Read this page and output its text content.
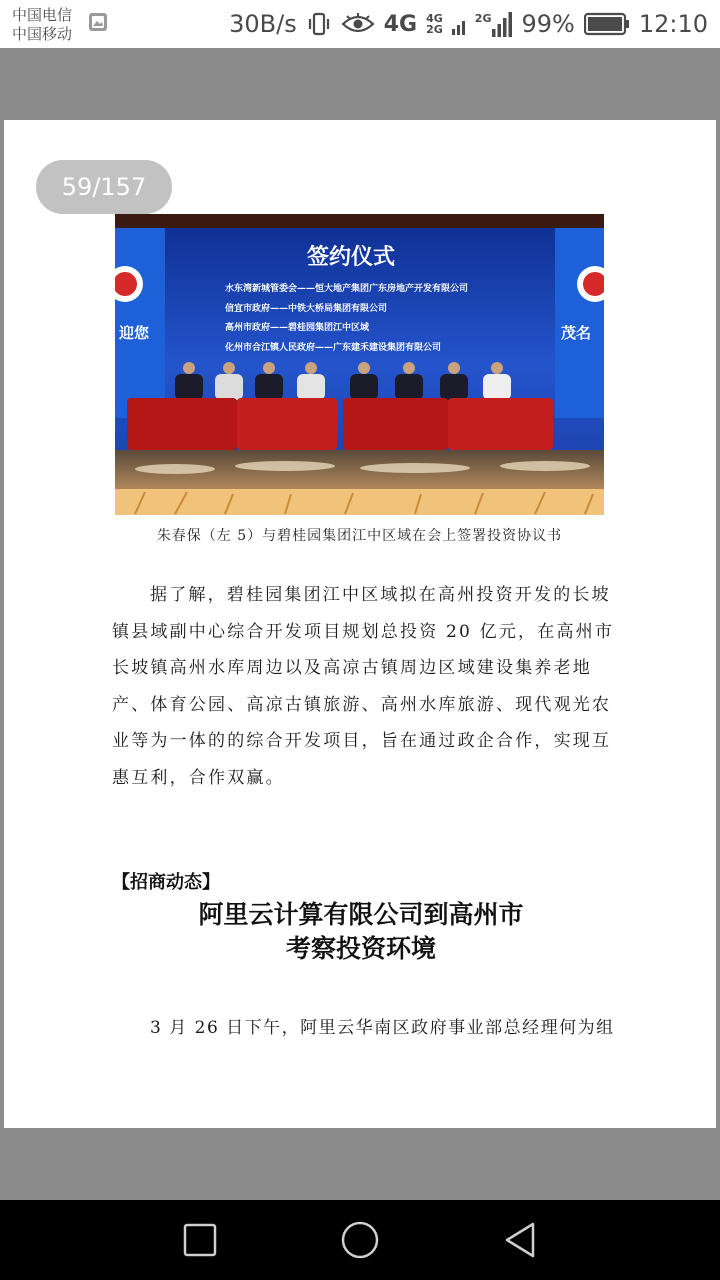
中国电信
中国移动	30B/s	4G 4G
2G
2G
99%	12:10
迎您	茂名
签约仪式
水东湾新城管委会——恒大地产集团广东房地产开发有限公司
信宜市政府——中铁大桥局集团有限公司
高州市政府——碧桂园集团江中区域
化州市合江镇人民政府——广东建禾建设集团有限公司
59/157
朱春保（左 5）与碧桂园集团江中区域在会上签署投资协议书
据了解，碧桂园集团江中区域拟在高州投资开发的长坡
镇县域副中心综合开发项目规划总投资 20 亿元，在高州市
长坡镇高州水库周边以及高凉古镇周边区域建设集养老地
产、体育公园、高凉古镇旅游、高州水库旅游、现代观光农
业等为一体的的综合开发项目，旨在通过政企合作，实现互
惠互利，合作双赢。
【招商动态】
阿里云计算有限公司到高州市
考察投资环境
3 月 26 日下午，阿里云华南区政府事业部总经理何为组
